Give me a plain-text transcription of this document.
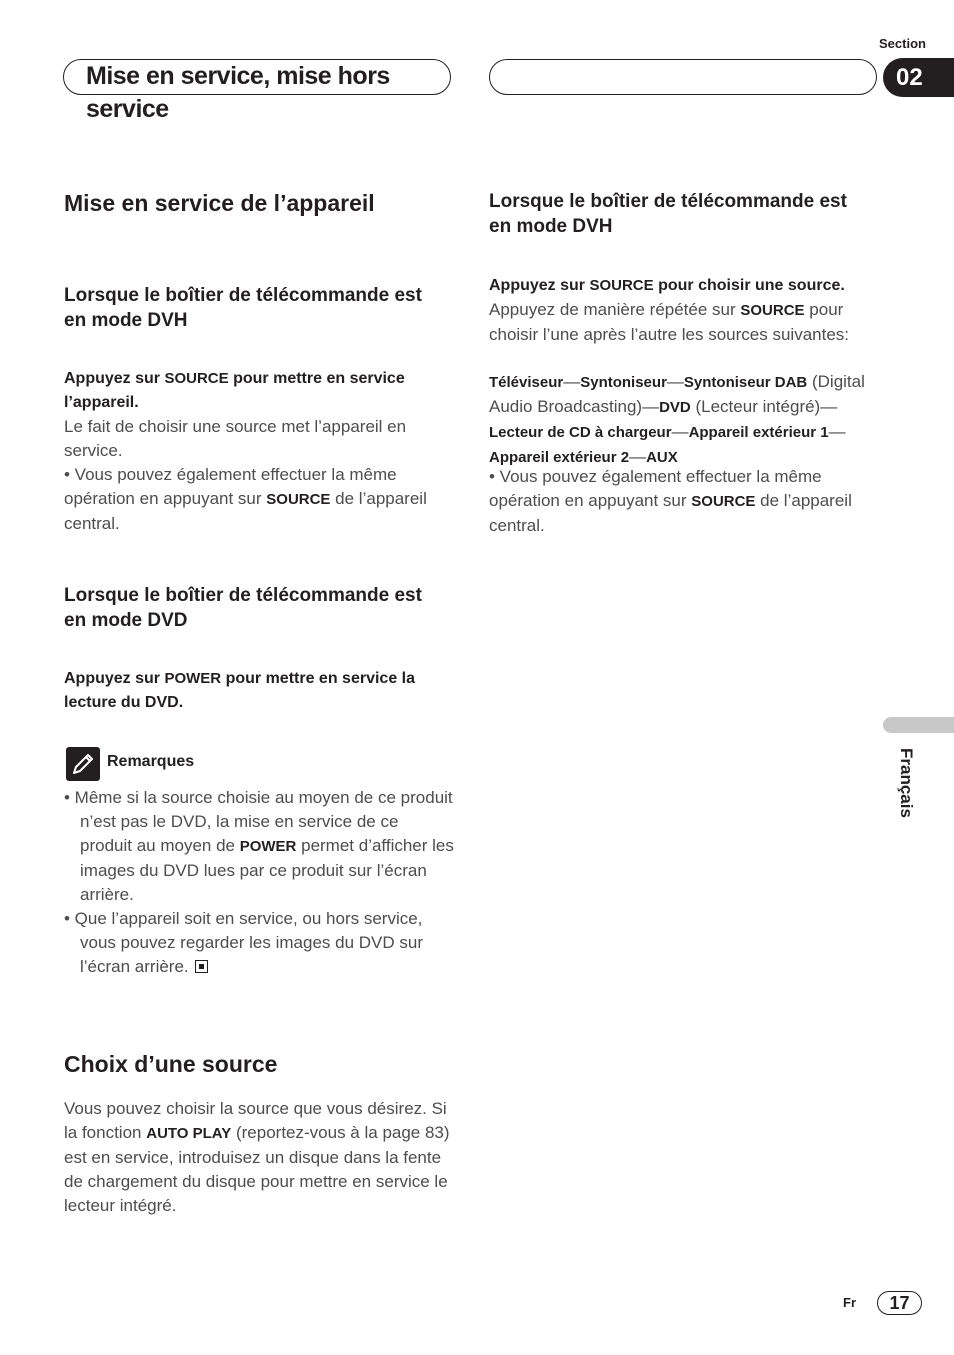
Section
Mise en service, mise hors service
02
Mise en service de l’appareil
Lorsque le boîtier de télécommande est en mode DVH

Appuyez sur SOURCE pour mettre en service l’appareil.

Le fait de choisir une source met l’appareil en service.

• Vous pouvez également effectuer la même opération en appuyant sur SOURCE de l’appareil central.

Lorsque le boîtier de télécommande est en mode DVD

Appuyez sur POWER pour mettre en service la lecture du DVD.

Remarques

• Même si la source choisie au moyen de ce produit n’est pas le DVD, la mise en service de ce produit au moyen de POWER permet d’afficher les images du DVD lues par ce produit sur l’écran arrière.

• Que l’appareil soit en service, ou hors service, vous pouvez regarder les images du DVD sur l’écran arrière.

Choix d’une source

Vous pouvez choisir la source que vous désirez. Si la fonction AUTO PLAY (reportez-vous à la page 83) est en service, introduisez un disque dans la fente de chargement du disque pour mettre en service le lecteur intégré.

Lorsque le boîtier de télécommande est en mode DVH

Appuyez sur SOURCE pour choisir une source.

Appuyez de manière répétée sur SOURCE pour choisir l’une après l’autre les sources suivantes:

Téléviseur—Syntoniseur—Syntoniseur DAB (Digital Audio Broadcasting)—DVD (Lecteur intégré)—Lecteur de CD à chargeur—Appareil extérieur 1—Appareil extérieur 2—AUX

• Vous pouvez également effectuer la même opération en appuyant sur SOURCE de l’appareil central.

Français
Fr	17
